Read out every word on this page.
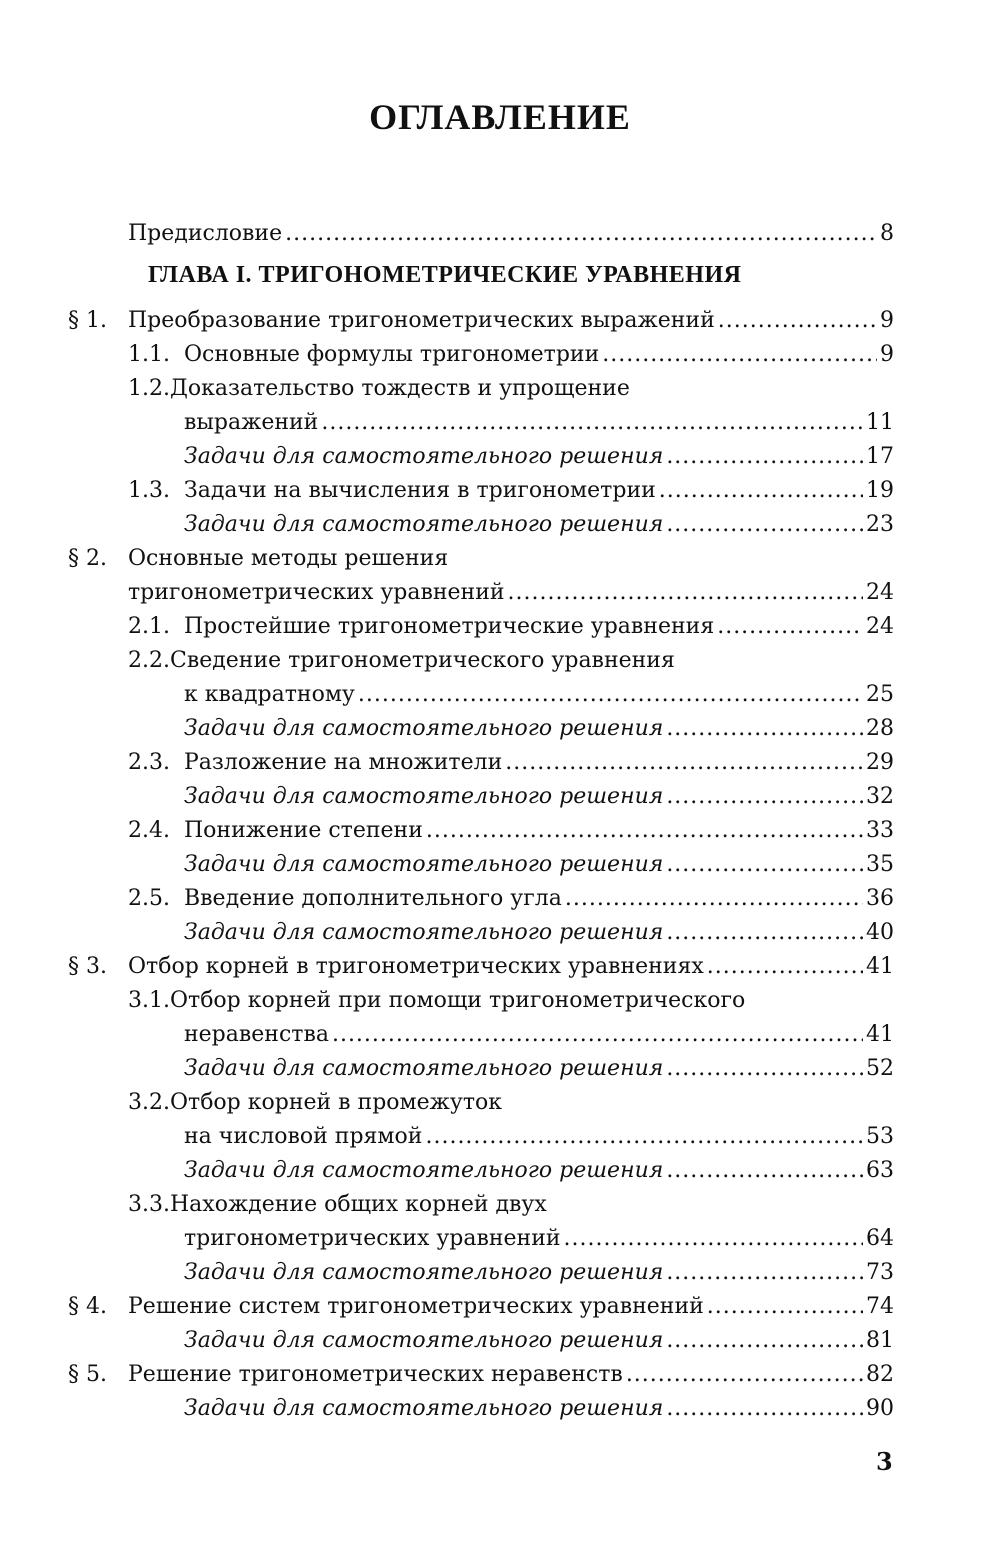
ОГЛАВЛЕНИЕ
Предисловие .....	8
ГЛАВА I. ТРИГОНОМЕТРИЧЕСКИЕ УРАВНЕНИЯ
§ 1. Преобразование тригонометрических выражений .....	9
1.1. Основные формулы тригонометрии .....	9
1.2.Доказательство тождеств и упрощение
выражений .....	11
Задачи для самостоятельного решения .....	17
1.3. Задачи на вычисления в тригонометрии .....	19
Задачи для самостоятельного решения .....	23
§ 2. Основные методы решения
тригонометрических уравнений .....	24
2.1. Простейшие тригонометрические уравнения .....	24
2.2.Сведение тригонометрического уравнения
к квадратному .....	25
Задачи для самостоятельного решения .....	28
2.3. Разложение на множители .....	29
Задачи для самостоятельного решения .....	32
2.4. Понижение степени .....	33
Задачи для самостоятельного решения .....	35
2.5. Введение дополнительного угла .....	36
Задачи для самостоятельного решения .....	40
§ 3. Отбор корней в тригонометрических уравнениях .....	41
3.1.Отбор корней при помощи тригонометрического
неравенства .....	41
Задачи для самостоятельного решения .....	52
3.2.Отбор корней в промежуток
на числовой прямой .....	53
Задачи для самостоятельного решения .....	63
3.3.Нахождение общих корней двух
тригонометрических уравнений .....	64
Задачи для самостоятельного решения .....	73
§ 4. Решение систем тригонометрических уравнений .....	74
Задачи для самостоятельного решения .....	81
§ 5. Решение тригонометрических неравенств .....	82
Задачи для самостоятельного решения .....	90
3
